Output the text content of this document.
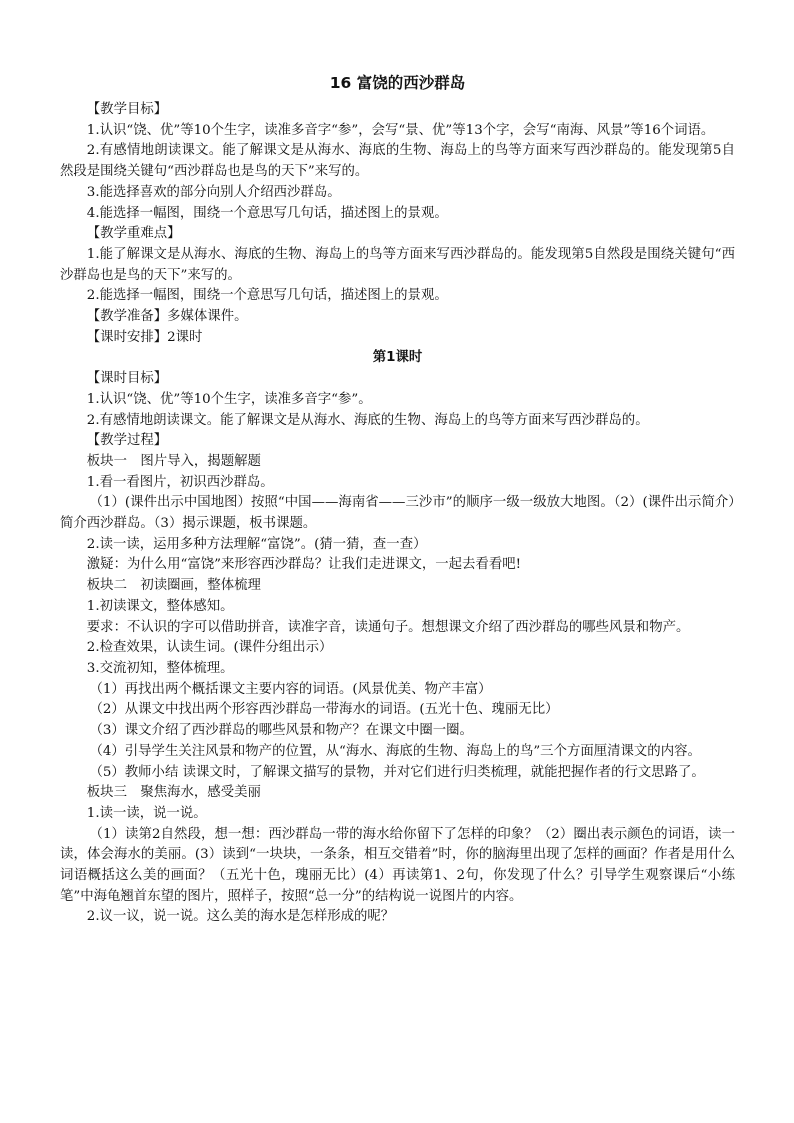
16 富饶的西沙群岛

【教学目标】

1.认识“饶、优”等10个生字，读准多音字“参”，会写“景、优”等13个字，会写“南海、风景”等16个词语。

2.有感情地朗读课文。能了解课文是从海水、海底的生物、海岛上的鸟等方面来写西沙群岛的。能发现第5自然段是围绕关键句“西沙群岛也是鸟的天下”来写的。

3.能选择喜欢的部分向别人介绍西沙群岛。

4.能选择一幅图，围绕一个意思写几句话，描述图上的景观。

【教学重难点】

1.能了解课文是从海水、海底的生物、海岛上的鸟等方面来写西沙群岛的。能发现第5自然段是围绕关键句“西沙群岛也是鸟的天下”来写的。

2.能选择一幅图，围绕一个意思写几句话，描述图上的景观。

【教学准备】多媒体课件。

【课时安排】2课时

第1课时

【课时目标】

1.认识“饶、优”等10个生字，读准多音字“参”。

2.有感情地朗读课文。能了解课文是从海水、海底的生物、海岛上的鸟等方面来写西沙群岛的。

【教学过程】

板块一　图片导入，揭题解题

1.看一看图片，初识西沙群岛。

（1）(课件出示中国地图）按照“中国——海南省——三沙市”的顺序一级一级放大地图。（2）(课件出示简介）简介西沙群岛。（3）揭示课题，板书课题。

2.读一读，运用多种方法理解“富饶”。(猜一猜，查一查）

激疑：为什么用“富饶”来形容西沙群岛？让我们走进课文，一起去看看吧!

板块二　初读圈画，整体梳理

1.初读课文，整体感知。

要求：不认识的字可以借助拼音，读准字音，读通句子。想想课文介绍了西沙群岛的哪些风景和物产。

2.检查效果，认读生词。(课件分组出示）

3.交流初知，整体梳理。

（1）再找出两个概括课文主要内容的词语。(风景优美、物产丰富）

（2）从课文中找出两个形容西沙群岛一带海水的词语。(五光十色、瑰丽无比）

（3）课文介绍了西沙群岛的哪些风景和物产？在课文中圈一圈。

（4）引导学生关注风景和物产的位置，从“海水、海底的生物、海岛上的鸟”三个方面厘清课文的内容。

（5）教师小结 读课文时，了解课文描写的景物，并对它们进行归类梳理，就能把握作者的行文思路了。

板块三　聚焦海水，感受美丽

1.读一读，说一说。

（1）读第2自然段，想一想：西沙群岛一带的海水给你留下了怎样的印象？（2）圈出表示颜色的词语，读一读，体会海水的美丽。(3）读到“一块块，一条条，相互交错着”时，你的脑海里出现了怎样的画面？作者是用什么词语概括这么美的画面？（五光十色，瑰丽无比）(4）再读第1、2句，你发现了什么？引导学生观察课后“小练笔”中海龟翘首东望的图片，照样子，按照“总一分”的结构说一说图片的内容。

2.议一议，说一说。这么美的海水是怎样形成的呢？
